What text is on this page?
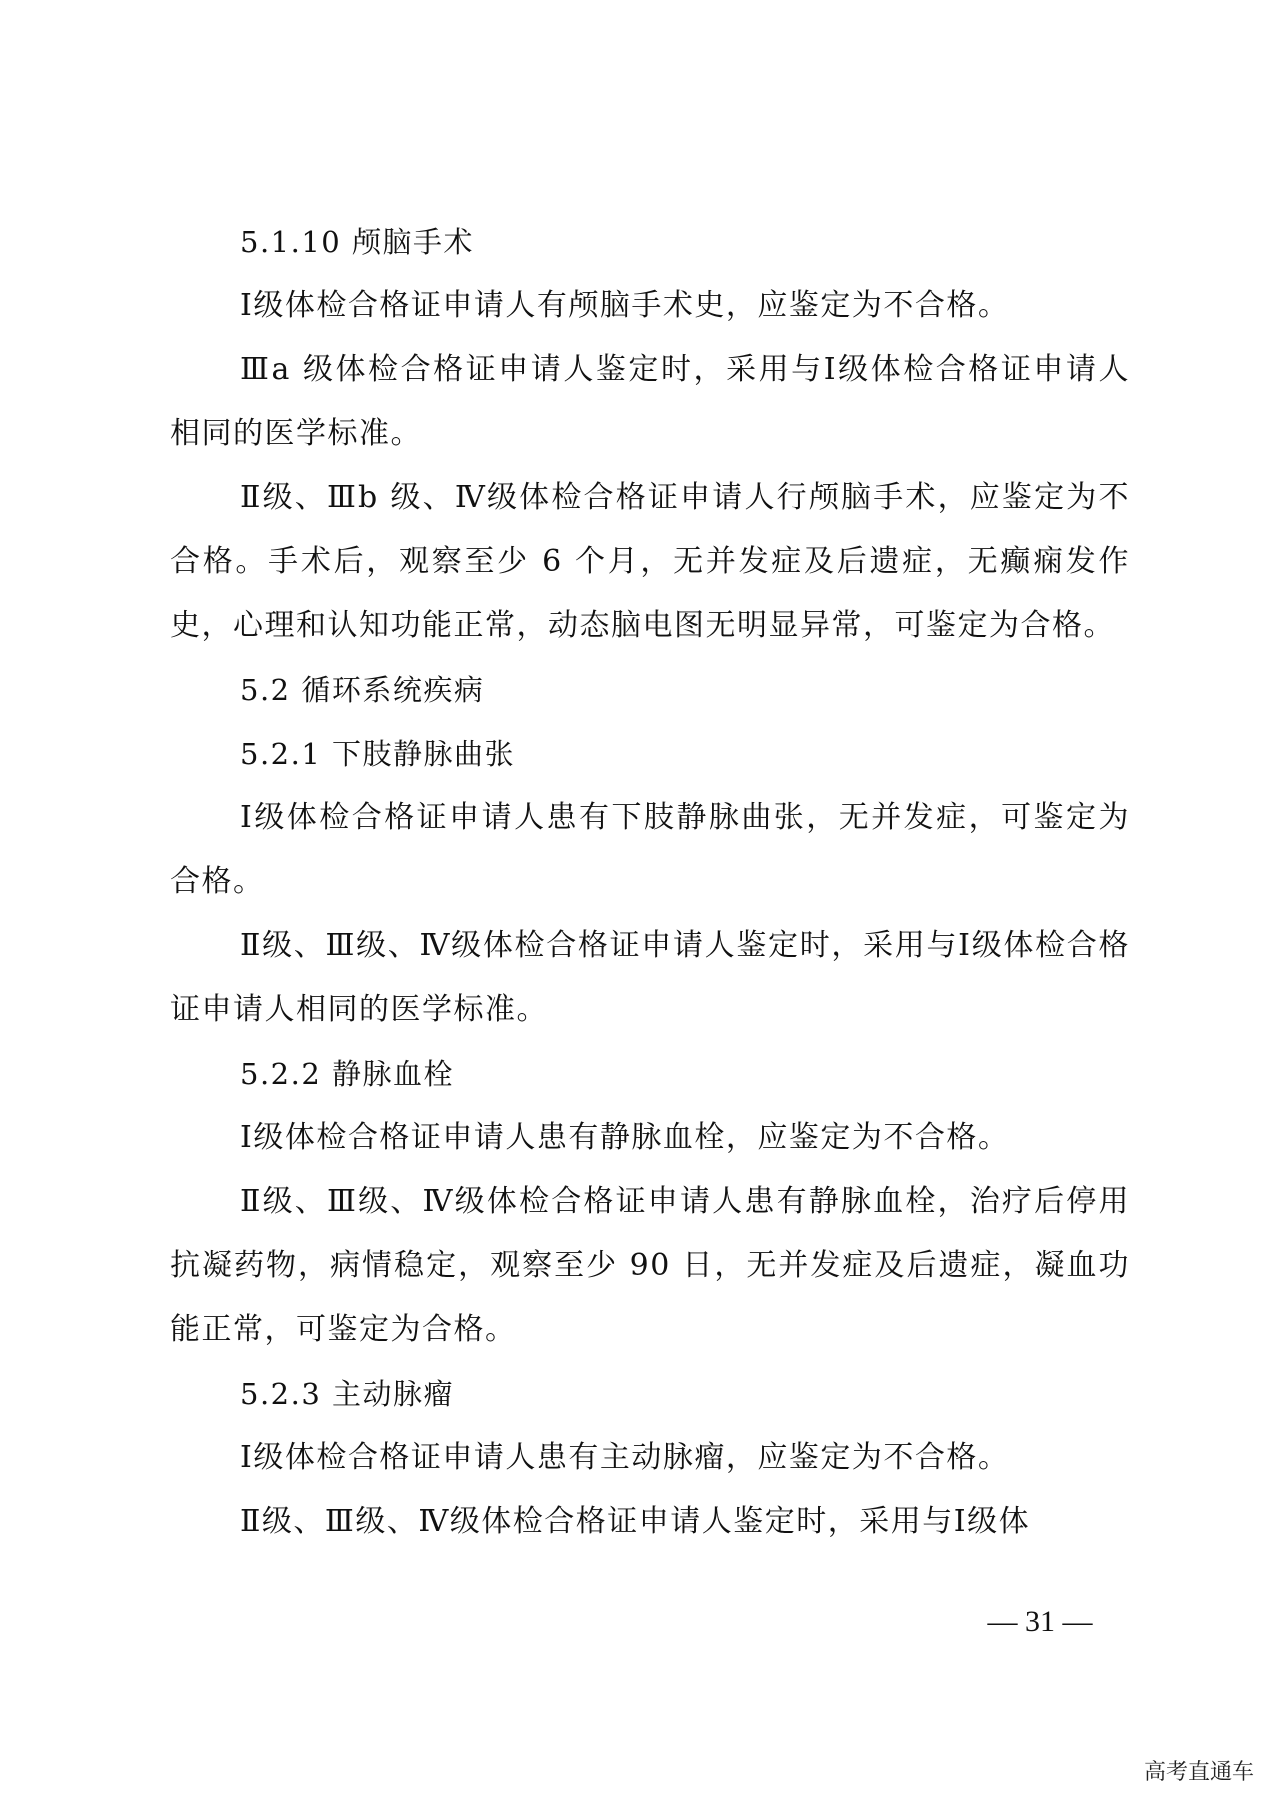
5.1.10 颅脑手术

Ⅰ级体检合格证申请人有颅脑手术史，应鉴定为不合格。

Ⅲa 级体检合格证申请人鉴定时，采用与Ⅰ级体检合格证申请人相同的医学标准。

Ⅱ级、Ⅲb 级、Ⅳ级体检合格证申请人行颅脑手术，应鉴定为不合格。手术后，观察至少 6 个月，无并发症及后遗症，无癫痫发作史，心理和认知功能正常，动态脑电图无明显异常，可鉴定为合格。

5.2 循环系统疾病

5.2.1 下肢静脉曲张

Ⅰ级体检合格证申请人患有下肢静脉曲张，无并发症，可鉴定为合格。

Ⅱ级、Ⅲ级、Ⅳ级体检合格证申请人鉴定时，采用与Ⅰ级体检合格证申请人相同的医学标准。

5.2.2 静脉血栓

Ⅰ级体检合格证申请人患有静脉血栓，应鉴定为不合格。

Ⅱ级、Ⅲ级、Ⅳ级体检合格证申请人患有静脉血栓，治疗后停用抗凝药物，病情稳定，观察至少 90 日，无并发症及后遗症，凝血功能正常，可鉴定为合格。

5.2.3 主动脉瘤

Ⅰ级体检合格证申请人患有主动脉瘤，应鉴定为不合格。

Ⅱ级、Ⅲ级、Ⅳ级体检合格证申请人鉴定时，采用与Ⅰ级体

— 31 —
高考直通车
